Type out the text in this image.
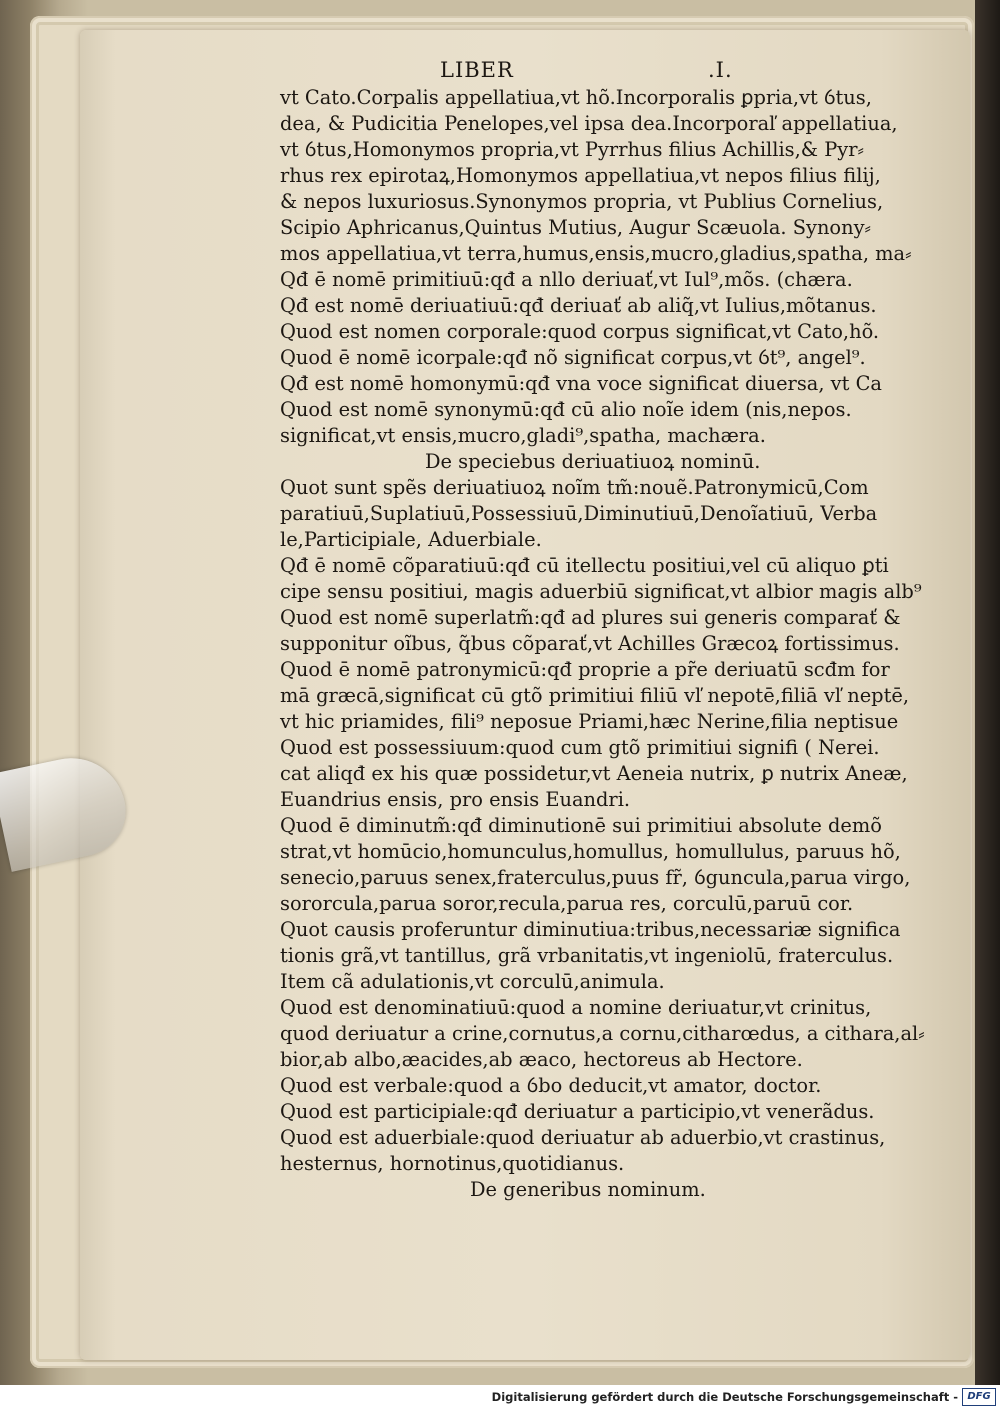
LIBER	.I.
vt Cato.Corpalis appellatiua,vt hõ.Incorporalis ꝑpria,vt ỽtus,
dea, & Pudicitia Penelopes,vel ipsa dea.Incorporaľ appellatiua,
vt ỽtus,Homonymos propria,vt Pyrrhus filius Achillis,& Pyr⸗
rhus rex epirotaꝝ,Homonymos appellatiua,vt nepos filius filij,
& nepos luxuriosus.Synonymos propria, vt Publius Cornelius,
Scipio Aphricanus,Quintus Mutius, Augur Scæuola. Synony⸗
mos appellatiua,vt terra,humus,ensis,mucro,gladius,spatha, ma⸗
Qđ ē nomē primitiuū:qđ a nllo deriuať,vt Iul⁹,mõs. (chæra.
Qđ est nomē deriuatiuū:qđ deriuať ab aliq̃,vt Iulius,mõtanus.
Quod est nomen corporale:quod corpus significat,vt Cato,hõ.
Quod ē nomē icorpale:qđ nõ significat corpus,vt ỽt⁹, angel⁹.
Qđ est nomē homonymū:qđ vna voce significat diuersa, vt Ca
Quod est nomē synonymū:qđ cū alio noĩe idem (nis,nepos.
significat,vt ensis,mucro,gladi⁹,spatha, machæra.
De speciebus deriuatiuoꝝ nominū.
Quot sunt spẽs deriuatiuoꝝ noĩm tm̃:nouẽ.Patronymicū,Com
paratiuū,Suplatiuū,Possessiuū,Diminutiuū,Denoĩatiuū, Verba
le,Participiale, Aduerbiale.
Qđ ē nomē cõparatiuū:qđ cū itellectu positiui,vel cū aliquo ꝑti
cipe sensu positiui, magis aduerbiū significat,vt albior magis alb⁹
Quod est nomē superlatm̃:qđ ad plures sui generis comparať &
supponitur oĩbus, q̃bus cõparať,vt Achilles Græcoꝝ fortissimus.
Quod ē nomē patronymicū:qđ proprie a pr̃e deriuatū scđm for
mā græcā,significat cū gtõ primitiui filiū vľ nepotē,filiā vľ neptē,
vt hic priamides, fili⁹ neposue Priami,hæc Nerine,filia neptisue
Quod est possessiuum:quod cum gtõ primitiui signifi ( Nerei.
cat aliqđ ex his quæ possidetur,vt Aeneia nutrix, ꝑ nutrix Aneæ,
Euandrius ensis, pro ensis Euandri.
Quod ē diminutm̃:qđ diminutionē sui primitiui absolute demõ
strat,vt homūcio,homunculus,homullus, homullulus, paruus hõ,
senecio,paruus senex,fraterculus,puus fr̃, ỽguncula,parua virgo,
sororcula,parua soror,recula,parua res, corculū,paruū cor.
Quot causis proferuntur diminutiua:tribus,necessariæ significa
tionis grã,vt tantillus, grã vrbanitatis,vt ingeniolū, fraterculus.
Item cã adulationis,vt corculū,animula.
Quod est denominatiuū:quod a nomine deriuatur,vt crinitus,
quod deriuatur a crine,cornutus,a cornu,citharœdus, a cithara,al⸗
bior,ab albo,æacides,ab æaco, hectoreus ab Hectore.
Quod est verbale:quod a ỽbo deducit,vt amator, doctor.
Quod est participiale:qđ deriuatur a participio,vt venerãdus.
Quod est aduerbiale:quod deriuatur ab aduerbio,vt crastinus,
hesternus, hornotinus,quotidianus.
De generibus nominum.
Digitalisierung gefördert durch die Deutsche Forschungsgemeinschaft - DFG
